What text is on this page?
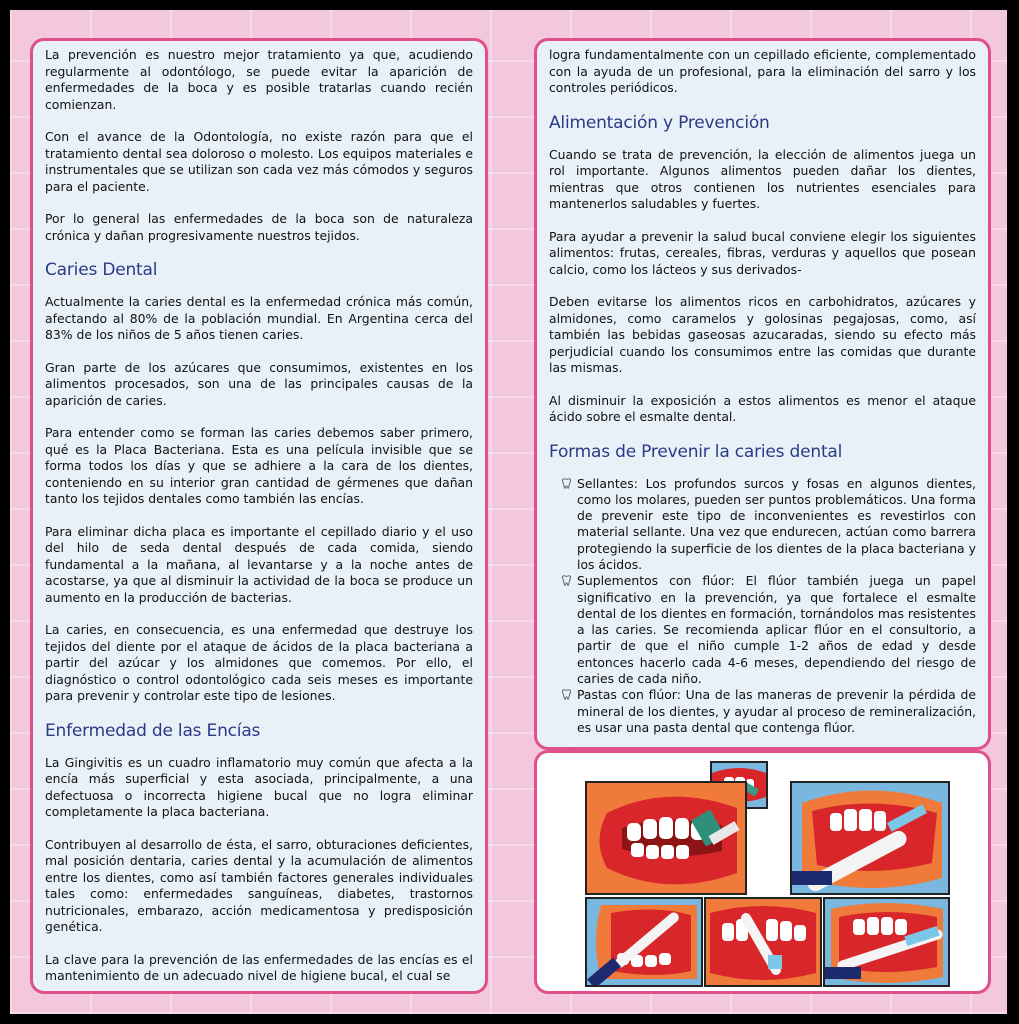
La prevención es nuestro mejor tratamiento ya que, acudiendo regularmente al odontólogo, se puede evitar la aparición de enfermedades de la boca y es posible tratarlas cuando recién comienzan.

Con el avance de la Odontología, no existe razón para que el tratamiento dental sea doloroso o molesto. Los equipos materiales e instrumentales que se utilizan son cada vez más cómodos y seguros para el paciente.

Por lo general las enfermedades de la boca son de naturaleza crónica y dañan progresivamente nuestros tejidos.

Caries Dental

Actualmente la caries dental es la enfermedad crónica más común, afectando al 80% de la población mundial. En Argentina cerca del 83% de los niños de 5 años tienen caries.

Gran parte de los azúcares que consumimos, existentes en los alimentos procesados, son una de las principales causas de la aparición de caries.

Para entender como se forman las caries debemos saber primero, qué es la Placa Bacteriana. Esta es una película invisible que se forma todos los días y que se adhiere a la cara de los dientes, conteniendo en su interior gran cantidad de gérmenes que dañan tanto los tejidos dentales como también las encías.

Para eliminar dicha placa es importante el cepillado diario y el uso del hilo de seda dental después de cada comida, siendo fundamental a la mañana, al levantarse y a la noche antes de acostarse, ya que al disminuir la actividad de la boca se produce un aumento en la producción de bacterias.

La caries, en consecuencia, es una enfermedad que destruye los tejidos del diente por el ataque de ácidos de la placa bacteriana a partir del azúcar y los almidones que comemos. Por ello, el diagnóstico o control odontológico cada seis meses es importante para prevenir y controlar este tipo de lesiones.

Enfermedad de las Encías

La Gingivitis es un cuadro inflamatorio muy común que afecta a la encía más superficial y esta asociada, principalmente, a una defectuosa o incorrecta higiene bucal que no logra eliminar completamente la placa bacteriana.

Contribuyen al desarrollo de ésta, el sarro, obturaciones deficientes, mal posición dentaria, caries dental y la acumulación de alimentos entre los dientes, como así también factores generales individuales tales como: enfermedades sanguíneas, diabetes, trastornos nutricionales, embarazo, acción medicamentosa y predisposición genética.

La clave para la prevención de las enfermedades de las encías es el mantenimiento de un adecuado nivel de higiene bucal, el cual se

logra fundamentalmente con un cepillado eficiente, complementado con la ayuda de un profesional, para la eliminación del sarro y los controles periódicos.

Alimentación y Prevención

Cuando se trata de prevención, la elección de alimentos juega un rol importante. Algunos alimentos pueden dañar los dientes, mientras que otros contienen los nutrientes esenciales para mantenerlos saludables y fuertes.

Para ayudar a prevenir la salud bucal conviene elegir los siguientes alimentos: frutas, cereales, fibras, verduras y aquellos que posean calcio, como los lácteos y sus derivados-

Deben evitarse los alimentos ricos en carbohidratos, azúcares y almidones, como caramelos y golosinas pegajosas, como, así también las bebidas gaseosas azucaradas, siendo su efecto más perjudicial cuando los consumimos entre las comidas que durante las mismas.

Al disminuir la exposición a estos alimentos es menor el ataque ácido sobre el esmalte dental.

Formas de Prevenir la caries dental
Sellantes: Los profundos surcos y fosas en algunos dientes, como los molares, pueden ser puntos problemáticos. Una forma de prevenir este tipo de inconvenientes es revestirlos con material sellante. Una vez que endurecen, actúan como barrera protegiendo la superficie de los dientes de la placa bacteriana y los ácidos.
Suplementos con flúor: El flúor también juega un papel significativo en la prevención, ya que fortalece el esmalte dental de los dientes en formación, tornándolos mas resistentes a las caries. Se recomienda aplicar flúor en el consultorio, a partir de que el niño cumple 1-2 años de edad y desde entonces hacerlo cada 4-6 meses, dependiendo del riesgo de caries de cada niño.
Pastas con flúor: Una de las maneras de prevenir la pérdida de mineral de los dientes, y ayudar al proceso de remineralización, es usar una pasta dental que contenga flúor.
